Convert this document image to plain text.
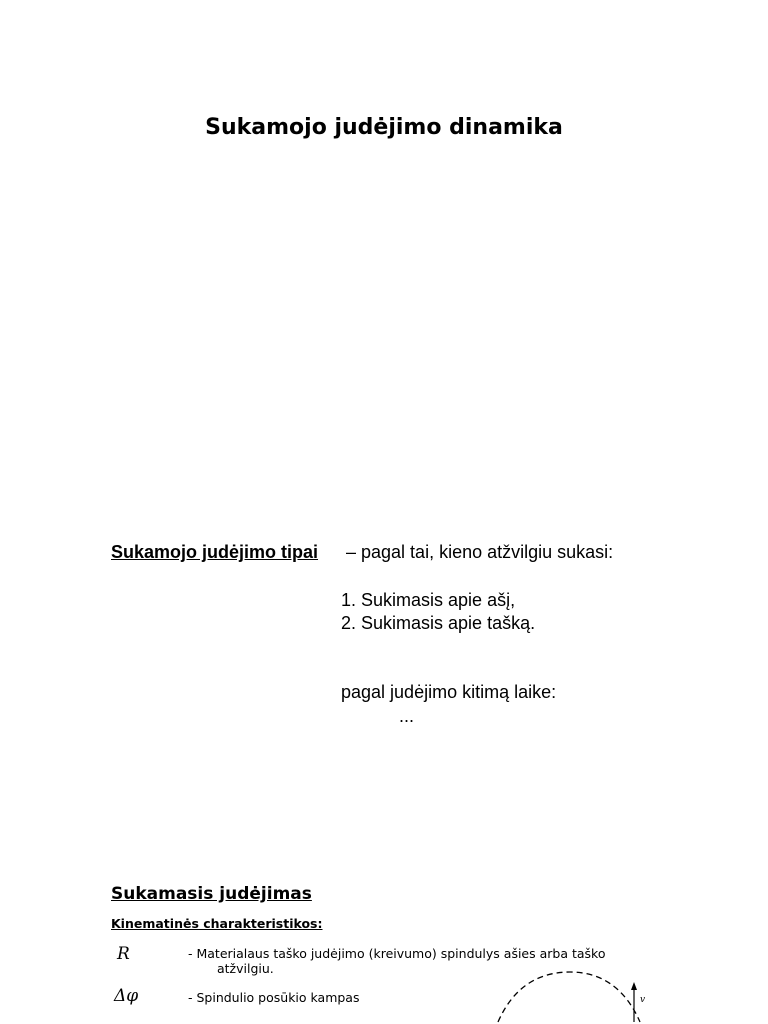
Sukamojo judėjimo dinamika
Sukamojo judėjimo tipai – pagal tai, kieno atžvilgiu sukasi:
1. Sukimasis apie ašį,
2. Sukimasis apie tašką.
pagal judėjimo kitimą laike:
...
Sukamasis judėjimas
Kinematinės charakteristikos:
R	- Materialaus taško judėjimo (kreivumo) spindulys ašies arba taško
atžvilgiu.
Δφ	- Spindulio posūkio kampas	v
